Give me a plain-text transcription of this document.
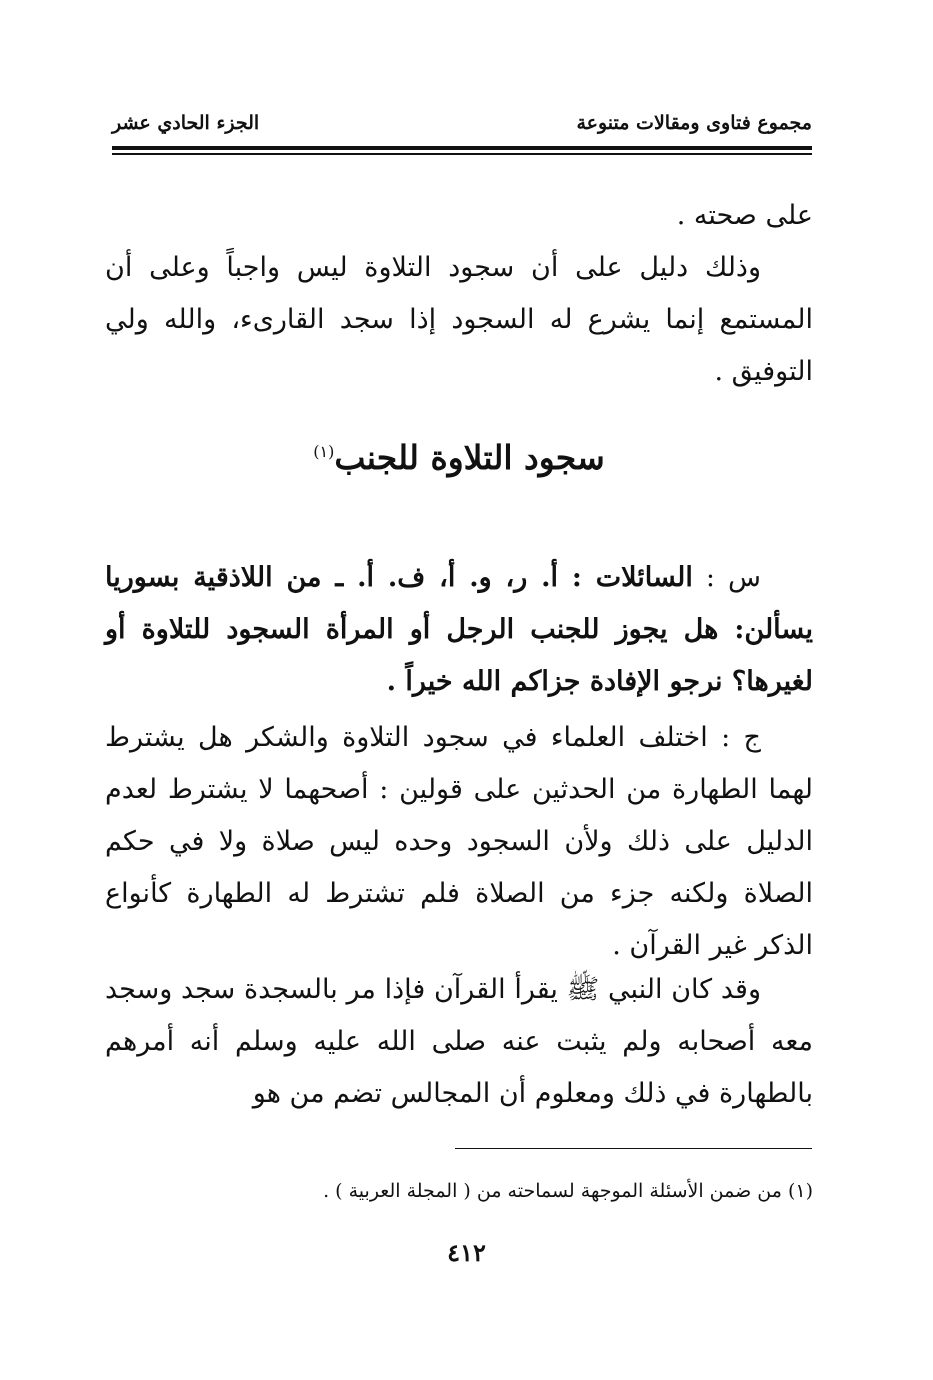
مجموع فتاوى ومقالات متنوعة
الجزء الحادي عشر

على صحته .

وذلك دليل على أن سجود التلاوة ليس واجباً وعلى أن المستمع إنما يشرع له السجود إذا سجد القارىء، والله ولي التوفيق .

سجود التلاوة للجنب$^{(١)}$

س : السائلات : أ. ر، و. أ، ف. أ. ـ من اللاذقية بسوريا يسألن: هل يجوز للجنب الرجل أو المرأة السجود للتلاوة أو لغيرها؟ نرجو الإفادة جزاكم الله خيراً .

ج : اختلف العلماء في سجود التلاوة والشكر هل يشترط لهما الطهارة من الحدثين على قولين : أصحهما لا يشترط لعدم الدليل على ذلك ولأن السجود وحده ليس صلاة ولا في حكم الصلاة ولكنه جزء من الصلاة فلم تشترط له الطهارة كأنواع الذكر غير القرآن .

وقد كان النبي ﷺ يقرأ القرآن فإذا مر بالسجدة سجد وسجد معه أصحابه ولم يثبت عنه صلى الله عليه وسلم أنه أمرهم بالطهارة في ذلك ومعلوم أن المجالس تضم من هو

(١) من ضمن الأسئلة الموجهة لسماحته من ( المجلة العربية ) .
٤١٢
